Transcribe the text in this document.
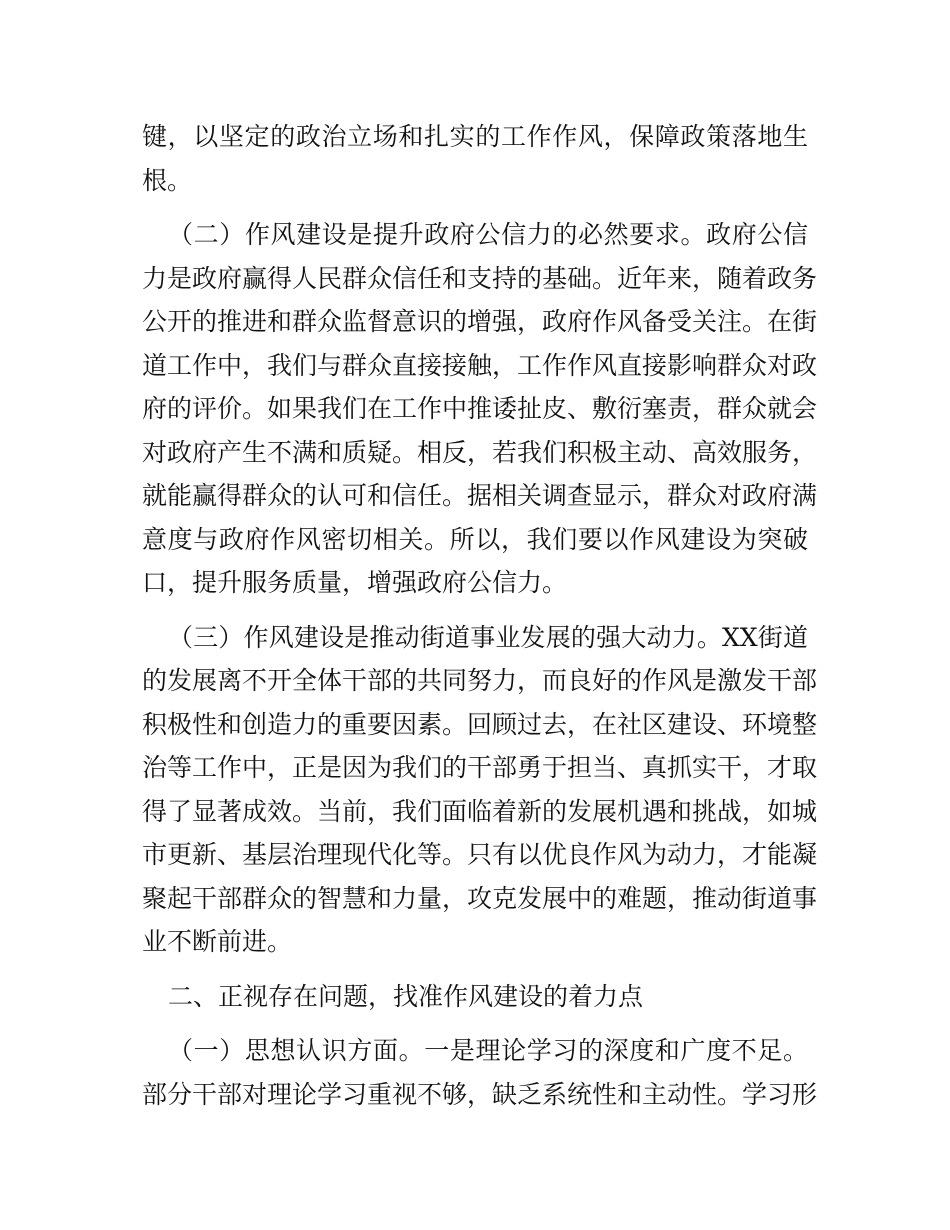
键，以坚定的政治立场和扎实的工作作风，保障政策落地生
根。
（二）作风建设是提升政府公信力的必然要求。政府公信
力是政府赢得人民群众信任和支持的基础。近年来，随着政务
公开的推进和群众监督意识的增强，政府作风备受关注。在街
道工作中，我们与群众直接接触，工作作风直接影响群众对政
府的评价。如果我们在工作中推诿扯皮、敷衍塞责，群众就会
对政府产生不满和质疑。相反，若我们积极主动、高效服务，
就能赢得群众的认可和信任。据相关调查显示，群众对政府满
意度与政府作风密切相关。所以，我们要以作风建设为突破
口，提升服务质量，增强政府公信力。
（三）作风建设是推动街道事业发展的强大动力。XX街道
的发展离不开全体干部的共同努力，而良好的作风是激发干部
积极性和创造力的重要因素。回顾过去，在社区建设、环境整
治等工作中，正是因为我们的干部勇于担当、真抓实干，才取
得了显著成效。当前，我们面临着新的发展机遇和挑战，如城
市更新、基层治理现代化等。只有以优良作风为动力，才能凝
聚起干部群众的智慧和力量，攻克发展中的难题，推动街道事
业不断前进。
二、正视存在问题，找准作风建设的着力点
（一）思想认识方面。一是理论学习的深度和广度不足。
部分干部对理论学习重视不够，缺乏系统性和主动性。学习形
